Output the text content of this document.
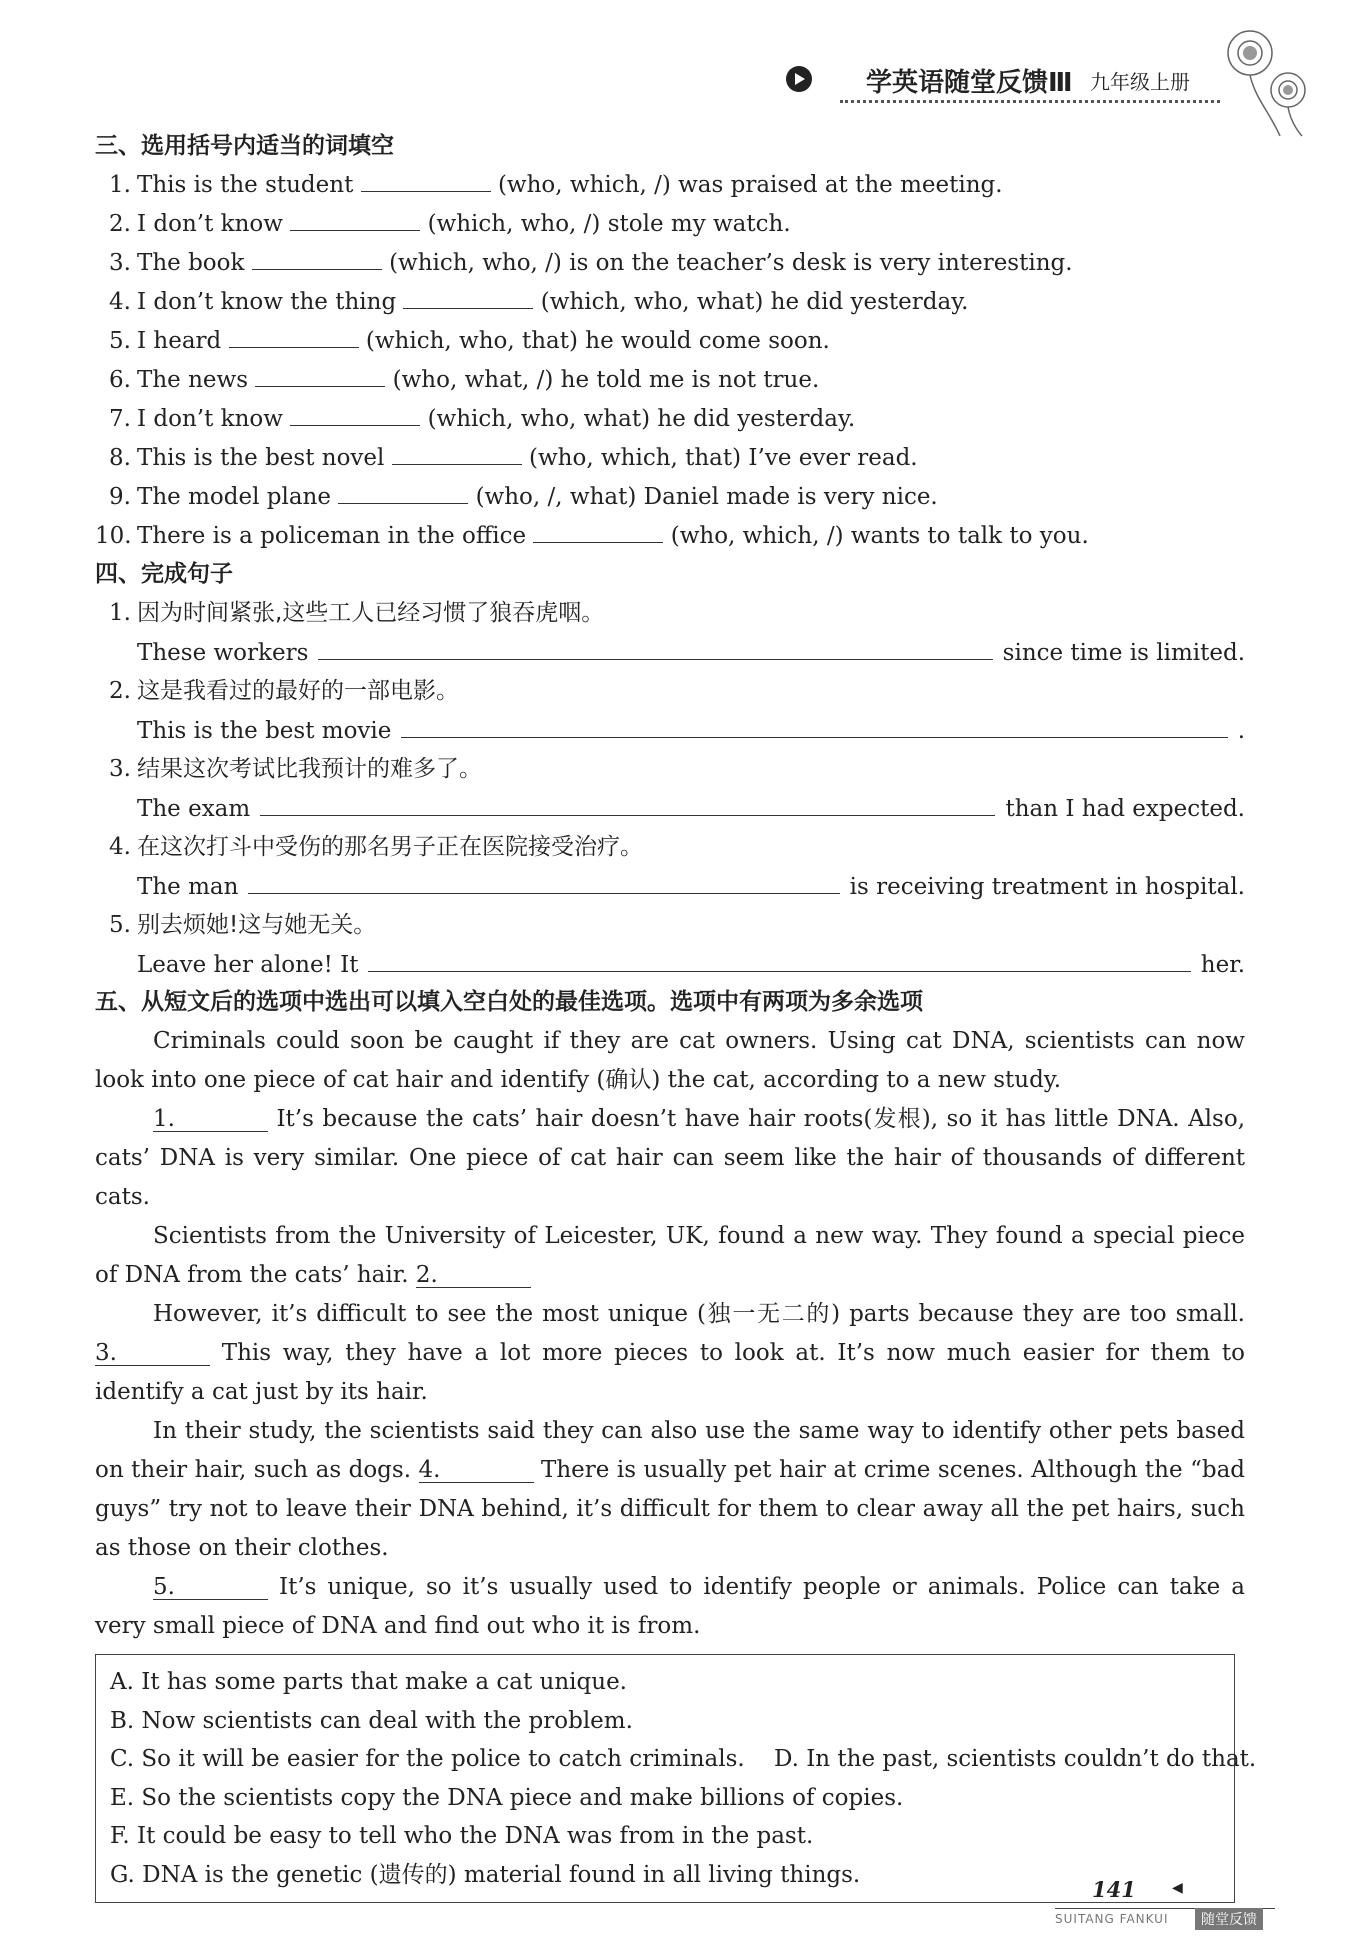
学英语随堂反馈Ⅲ 九年级上册
三、选用括号内适当的词填空
1. This is the student	(who, which, /) was praised at the meeting.
2. I don’t know	(which, who, /) stole my watch.
3. The book	(which, who, /) is on the teacher’s desk is very interesting.
4. I don’t know the thing	(which, who, what) he did yesterday.
5. I heard	(which, who, that) he would come soon.
6. The news	(who, what, /) he told me is not true.
7. I don’t know	(which, who, what) he did yesterday.
8. This is the best novel	(who, which, that) I’ve ever read.
9. The model plane	(who, /, what) Daniel made is very nice.
10. There is a policeman in the office	(who, which, /) wants to talk to you.
四、完成句子
1. 因为时间紧张,这些工人已经习惯了狼吞虎咽。
These workers	since time is limited.
2. 这是我看过的最好的一部电影。
This is the best movie	.
3. 结果这次考试比我预计的难多了。
The exam	than I had expected.
4. 在这次打斗中受伤的那名男子正在医院接受治疗。
The man	is receiving treatment in hospital.
5. 别去烦她!这与她无关。
Leave her alone! It	her.
五、从短文后的选项中选出可以填入空白处的最佳选项。选项中有两项为多余选项

Criminals could soon be caught if they are cat owners. Using cat DNA, scientists can now look into one piece of cat hair and identify (确认) the cat, according to a new study.

1.	It’s because the cats’ hair doesn’t have hair roots(发根), so it has little DNA. Also, cats’ DNA is very similar. One piece of cat hair can seem like the hair of thousands of different cats.

Scientists from the University of Leicester, UK, found a new way. They found a special piece of DNA from the cats’ hair. 2.

However, it’s difficult to see the most unique (独一无二的) parts because they are too small. 3.	This way, they have a lot more pieces to look at. It’s now much easier for them to identify a cat just by its hair.

In their study, the scientists said they can also use the same way to identify other pets based on their hair, such as dogs. 4.	There is usually pet hair at crime scenes. Although the “bad guys” try not to leave their DNA behind, it’s difficult for them to clear away all the pet hairs, such as those on their clothes.

5.	It’s unique, so it’s usually used to identify people or animals. Police can take a very small piece of DNA and find out who it is from.

A. It has some parts that make a cat unique.
B. Now scientists can deal with the problem.
C. So it will be easier for the police to catch criminals. D. In the past, scientists couldn’t do that.
E. So the scientists copy the DNA piece and make billions of copies.
F. It could be easy to tell who the DNA was from in the past.
G. DNA is the genetic (遗传的) material found in all living things.
141	◀
SUITANG FANKUI	随堂反馈
